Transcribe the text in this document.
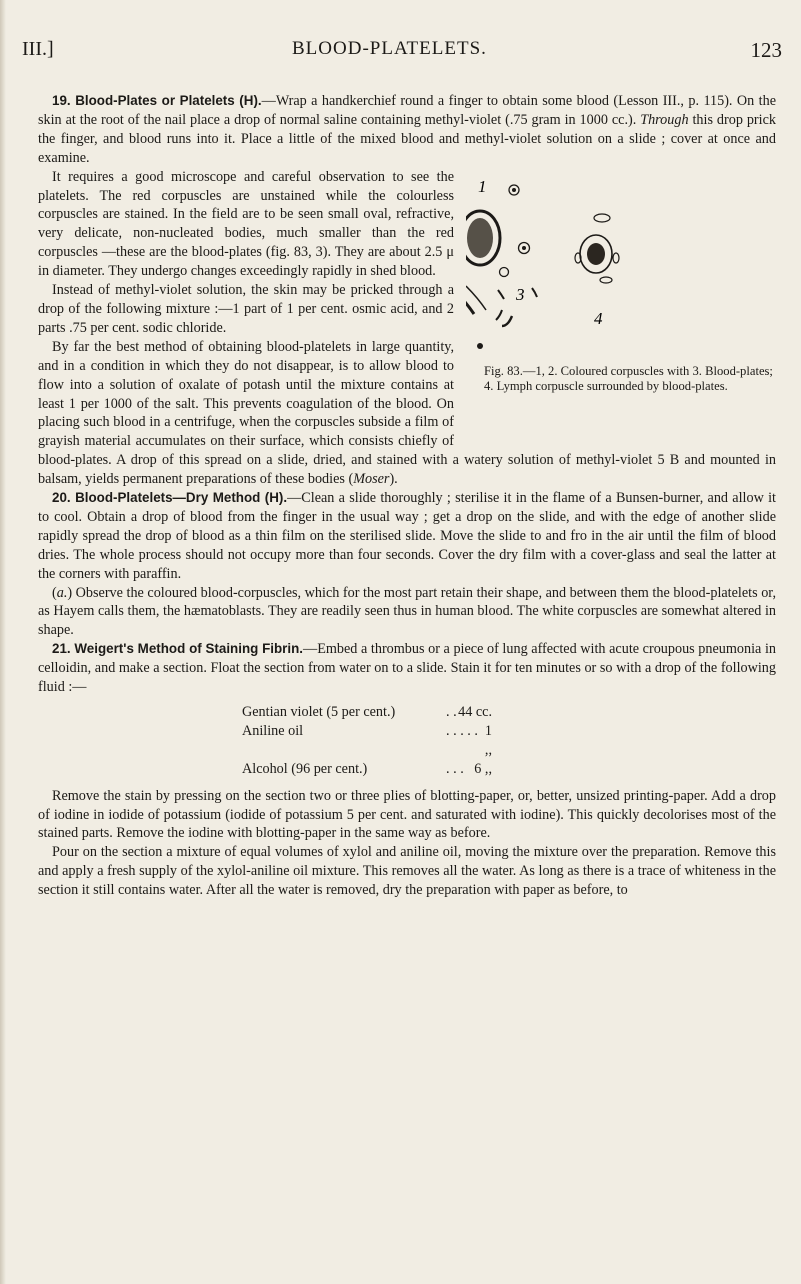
III.]	BLOOD-PLATELETS.	123

19. Blood-Plates or Platelets (H).—Wrap a handkerchief round a finger to obtain some blood (Lesson III., p. 115). On the skin at the root of the nail place a drop of normal saline containing methyl-violet (.75 gram in 1000 cc.). Through this drop prick the finger, and blood runs into it. Place a little of the mixed blood and methyl-violet solution on a slide ; cover at once and examine.

1
3
4
Fig. 83.—1, 2. Coloured corpuscles with 3. Blood-plates; 4. Lymph corpuscle surrounded by blood-plates.

It requires a good microscope and careful observation to see the platelets. The red corpuscles are unstained while the colourless corpuscles are stained. In the field are to be seen small oval, refractive, very delicate, non-nucleated bodies, much smaller than the red corpuscles —these are the blood-plates (fig. 83, 3). They are about 2.5 μ in diameter. They undergo changes exceedingly rapidly in shed blood.

Instead of methyl-violet solution, the skin may be pricked through a drop of the following mixture :—1 part of 1 per cent. osmic acid, and 2 parts .75 per cent. sodic chloride.

By far the best method of obtaining blood-platelets in large quantity, and in a condition in which they do not disappear, is to allow blood to flow into a solution of oxalate of potash until the mixture contains at least 1 per 1000 of the salt. This prevents coagulation of the blood. On placing such blood in a centrifuge, when the corpuscles subside a film of grayish material accumulates on their surface, which consists chiefly of blood-plates. A drop of this spread on a slide, dried, and stained with a watery solution of methyl-violet 5 B and mounted in balsam, yields permanent preparations of these bodies (Moser).

20. Blood-Platelets—Dry Method (H).—Clean a slide thoroughly ; sterilise it in the flame of a Bunsen-burner, and allow it to cool. Obtain a drop of blood from the finger in the usual way ; get a drop on the slide, and with the edge of another slide rapidly spread the drop of blood as a thin film on the sterilised slide. Move the slide to and fro in the air until the film of blood dries. The whole process should not occupy more than four seconds. Cover the dry film with a cover-glass and seal the latter at the corners with paraffin.

(a.) Observe the coloured blood-corpuscles, which for the most part retain their shape, and between them the blood-platelets or, as Hayem calls them, the hæmatoblasts. They are readily seen thus in human blood. The white corpuscles are somewhat altered in shape.

21. Weigert's Method of Staining Fibrin.—Embed a thrombus or a piece of lung affected with acute croupous pneumonia in celloidin, and make a section. Float the section from water on to a slide. Stain it for ten minutes or so with a drop of the following fluid :—

Gentian violet (5 per cent.)	. . 44 cc.
Aniline oil	. . . . . 1 ,,
Alcohol (96 per cent.)	. . . 6 ,,

Remove the stain by pressing on the section two or three plies of blotting-paper, or, better, unsized printing-paper. Add a drop of iodine in iodide of potassium (iodide of potassium 5 per cent. and saturated with iodine). This quickly decolorises most of the stained parts. Remove the iodine with blotting-paper in the same way as before.

Pour on the section a mixture of equal volumes of xylol and aniline oil, moving the mixture over the preparation. Remove this and apply a fresh supply of the xylol-aniline oil mixture. This removes all the water. As long as there is a trace of whiteness in the section it still contains water. After all the water is removed, dry the preparation with paper as before, to
